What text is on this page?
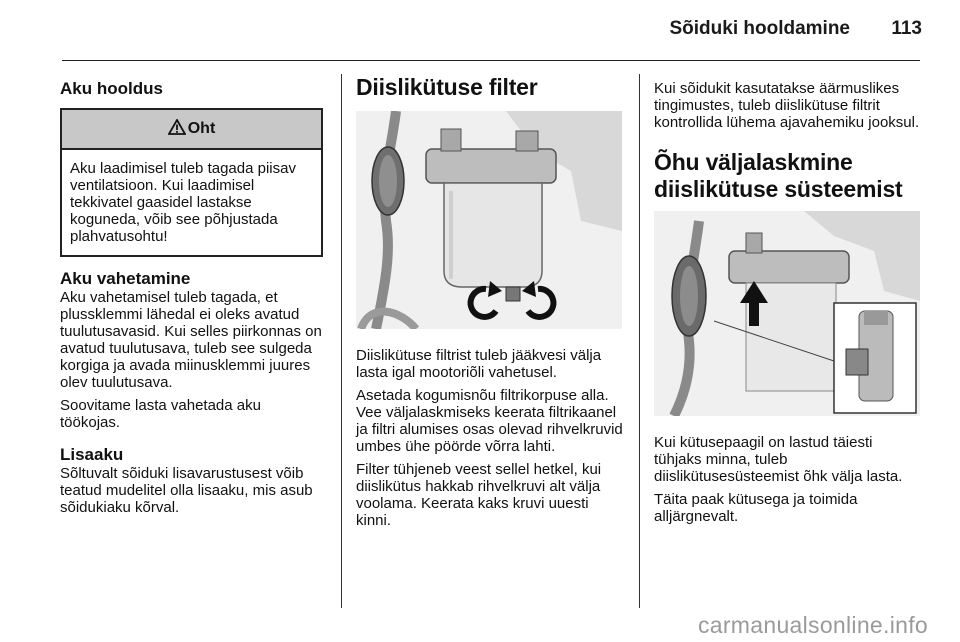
Sõiduki hooldamine	113
Aku hooldus
Oht

Aku laadimisel tuleb tagada piisav ventilatsioon. Kui laadimisel tekkivatel gaasidel lastakse koguneda, võib see põhjustada plahvatusohtu!

Aku vahetamine

Aku vahetamisel tuleb tagada, et plussklemmi lähedal ei oleks avatud tuulutusavasid. Kui selles piirkonnas on avatud tuulutusava, tuleb see sulgeda korgiga ja avada miinusklemmi juures olev tuulutusava.

Soovitame lasta vahetada aku töökojas.

Lisaaku

Sõltuvalt sõiduki lisavarustusest võib teatud mudelitel olla lisaaku, mis asub sõidukiaku kõrval.

Diislikütuse filter

Diislikütuse filtrist tuleb jääkvesi välja lasta igal mootoriõli vahetusel.

Asetada kogumisnõu filtrikorpuse alla. Vee väljalaskmiseks keerata filtrikaanel ja filtri alumises osas olevad rihvelkruvid umbes ühe pöörde võrra lahti.

Filter tühjeneb veest sellel hetkel, kui diislikütus hakkab rihvelkruvi alt välja voolama. Keerata kaks kruvi uuesti kinni.

Kui sõidukit kasutatakse äärmuslikes tingimustes, tuleb diislikütuse filtrit kontrollida lühema ajavahemiku jooksul.

Õhu väljalaskmine diislikütuse süsteemist

Kui kütusepaagil on lastud täiesti tühjaks minna, tuleb diislikütusesüsteemist õhk välja lasta.

Täita paak kütusega ja toimida alljärgnevalt.

carmanualsonline.info
